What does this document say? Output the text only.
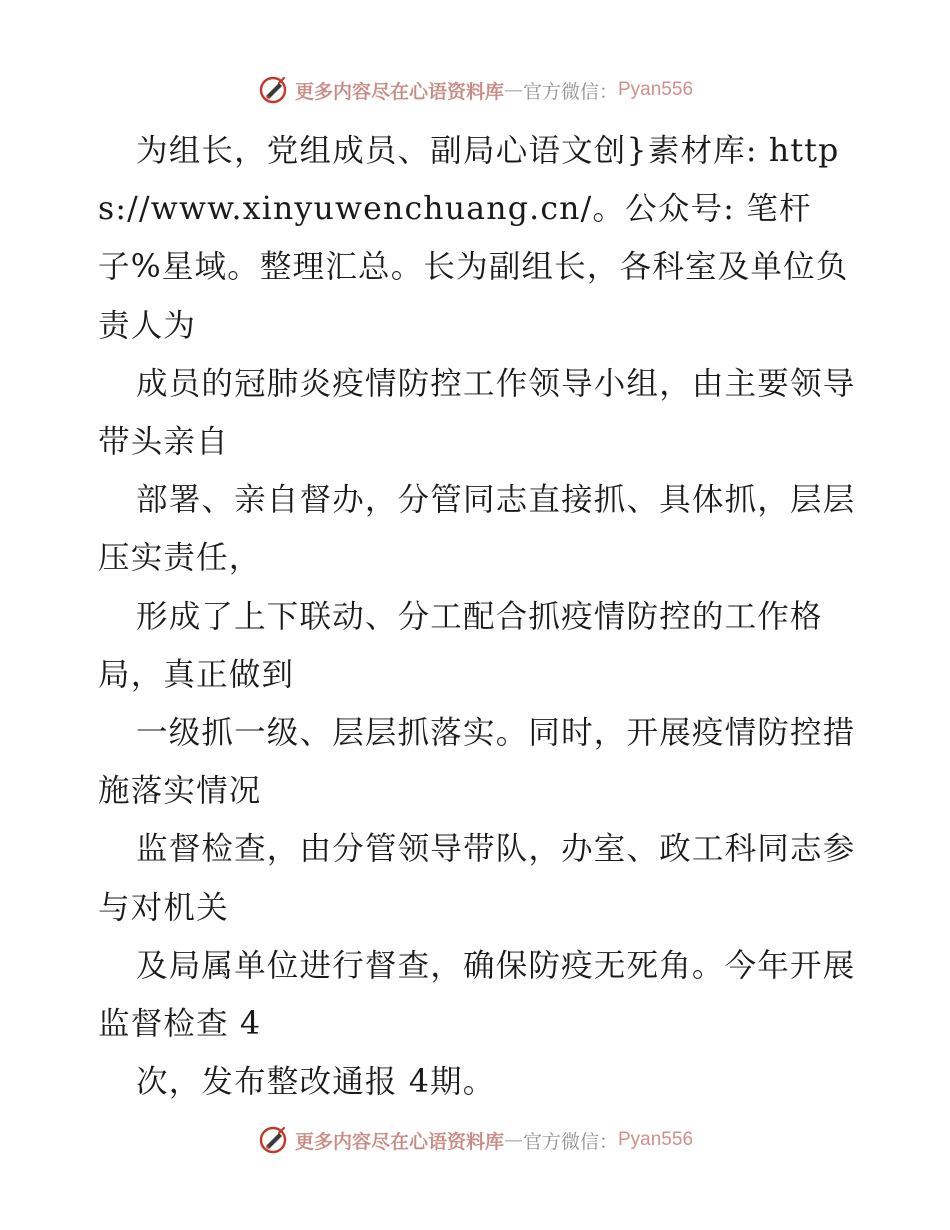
更多内容尽在心语资料库 — 官方微信： Pyan556

为组长，党组成员、副局心语文创}素材库: https://www.xinyuwenchuang.cn/。公众号: 笔杆子%星域。整理汇总。长为副组长，各科室及单位负责人为

成员的冠肺炎疫情防控工作领导小组，由主要领导带头亲自

部署、亲自督办，分管同志直接抓、具体抓，层层压实责任，

形成了上下联动、分工配合抓疫情防控的工作格局，真正做到

一级抓一级、层层抓落实。同时，开展疫情防控措施落实情况

监督检查，由分管领导带队，办室、政工科同志参与对机关

及局属单位进行督查，确保防疫无死角。今年开展监督检查 4

次，发布整改通报 4期。

更多内容尽在心语资料库 — 官方微信： Pyan556
